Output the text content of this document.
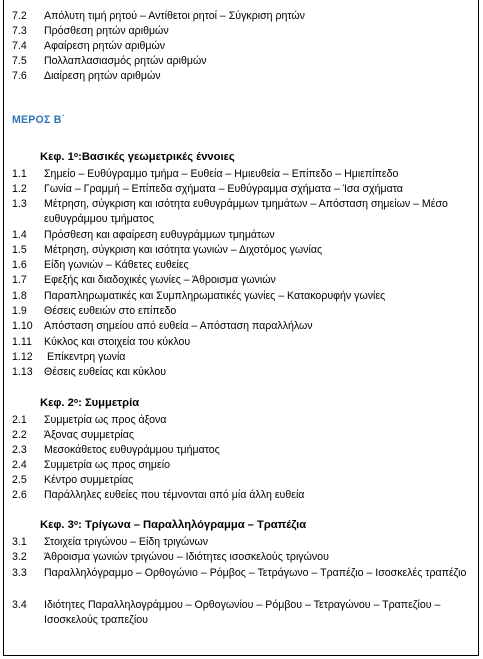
7.2 Απόλυτη τιμή ρητού – Αντίθετοι ρητοί – Σύγκριση ρητών
7.3 Πρόσθεση ρητών αριθμών
7.4 Αφαίρεση ρητών αριθμών
7.5 Πολλαπλασιασμός ρητών αριθμών
7.6 Διαίρεση ρητών αριθμών
ΜΕΡΟΣ Β΄
Κεφ. $1^o:B\alpha\sigma\iota\kappa έ\varsigma$ γεωμετρικές έννοιες
1.1 Σημείο – Ευθύγραμμο τμήμα – Ευθεία – Ημιευθεία – Επίπεδο – Ημιεπίπεδο
1.2 Γωνία – Γραμμή – Επίπεδα σχήματα – Ευθύγραμμα σχήματα – Ίσα σχήματα
1.3 Μέτρηση, σύγκριση και ισότητα ευθυγράμμων τμημάτων – Απόσταση σημείων – Μέσο ευθυγράμμου τμήματος
1.4 Πρόσθεση και αφαίρεση ευθυγράμμων τμημάτων
1.5 Μέτρηση, σύγκριση και ισότητα γωνιών – Διχοτόμος γωνίας
1.6 Είδη γωνιών – Κάθετες ευθείες
1.7 Εφεξής και διαδοχικές γωνίες – Άθροισμα γωνιών
1.8 Παραπληρωματικές και Συμπληρωματικές γωνίες – Κατακορυφήν γωνίες
1.9 Θέσεις ευθειών στο επίπεδο
1.10 Απόσταση σημείου από ευθεία – Απόσταση παραλλήλων
1.11 Κύκλος και στοιχεία του κύκλου
1.12 Επίκεντρη γωνία
1.13 Θέσεις ευθείας και κύκλου
Κεφ. $2^o$: Συμμετρία
2.1 Συμμετρία ως προς άξονα
2.2 Άξονας συμμετρίας
2.3 Μεσοκάθετος ευθυγράμμου τμήματος
2.4 Συμμετρία ως προς σημείο
2.5 Κέντρο συμμετρίας
2.6 Παράλληλες ευθείες που τέμνονται από μία άλλη ευθεία
Κεφ. $3^o$: Τρίγωνα – Παραλληλόγραμμα – Τραπέζια
3.1 Στοιχεία τριγώνου – Είδη τριγώνων
3.2 Άθροισμα γωνιών τριγώνου – Ιδιότητες ισοσκελούς τριγώνου
3.3 Παραλληλόγραμμο – Ορθογώνιο – Ρόμβος – Τετράγωνο – Τραπέζιο – Ισοσκελές τραπέζιο
3.4 Ιδιότητες Παραλληλογράμμου – Ορθογωνίου – Ρόμβου – Τετραγώνου – Τραπεζίου – Ισοσκελούς τραπεζίου
